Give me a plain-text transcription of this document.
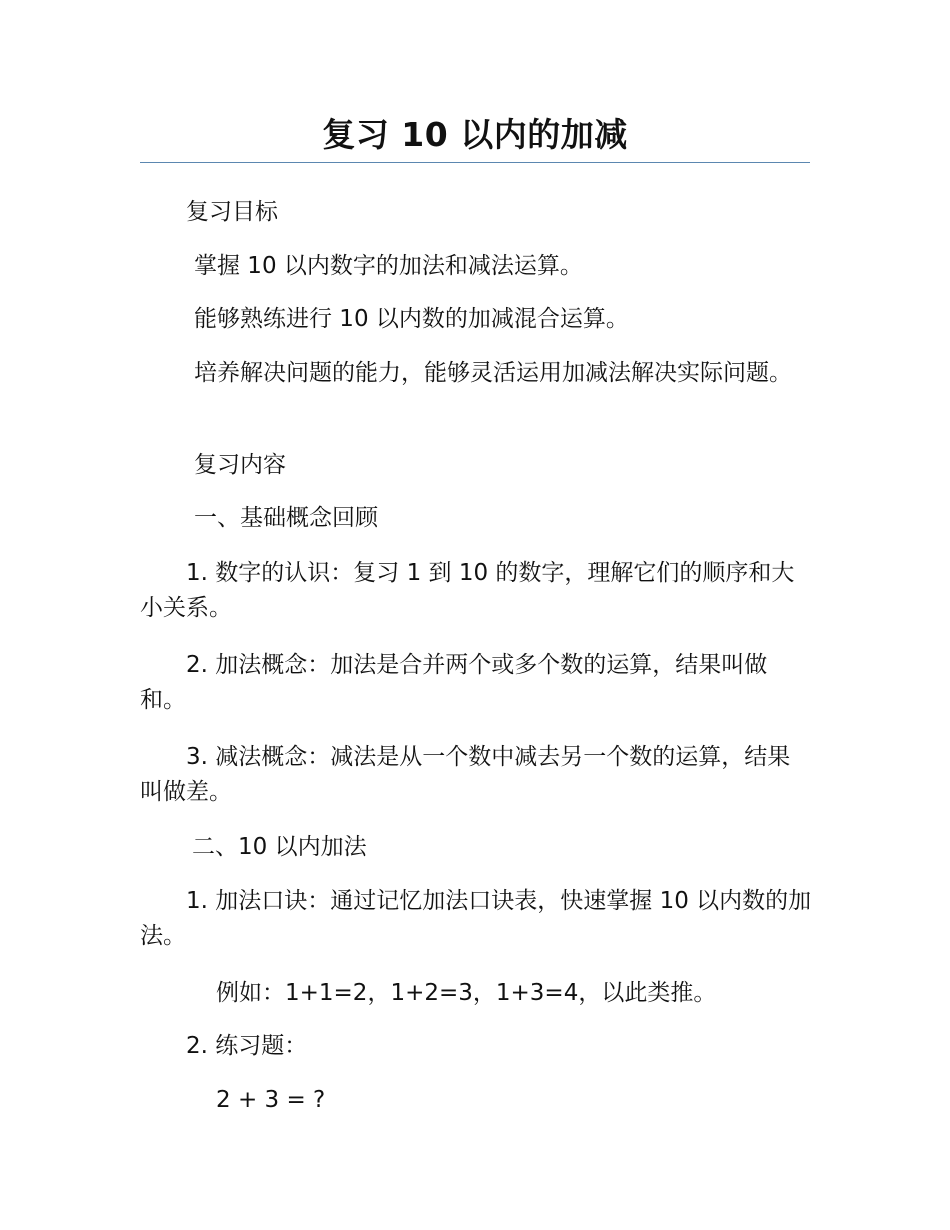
复习 10 以内的加减
复习目标
掌握 10 以内数字的加法和减法运算。
能够熟练进行 10 以内数的加减混合运算。
培养解决问题的能力，能够灵活运用加减法解决实际问题。
复习内容
一、基础概念回顾
1. 数字的认识：复习 1 到 10 的数字，理解它们的顺序和大小关系。
2. 加法概念：加法是合并两个或多个数的运算，结果叫做和。
3. 减法概念：减法是从一个数中减去另一个数的运算，结果叫做差。
二、10 以内加法
1. 加法口诀：通过记忆加法口诀表，快速掌握 10 以内数的加法。
例如：1+1=2，1+2=3，1+3=4，以此类推。
2. 练习题：
2 + 3 = ?
